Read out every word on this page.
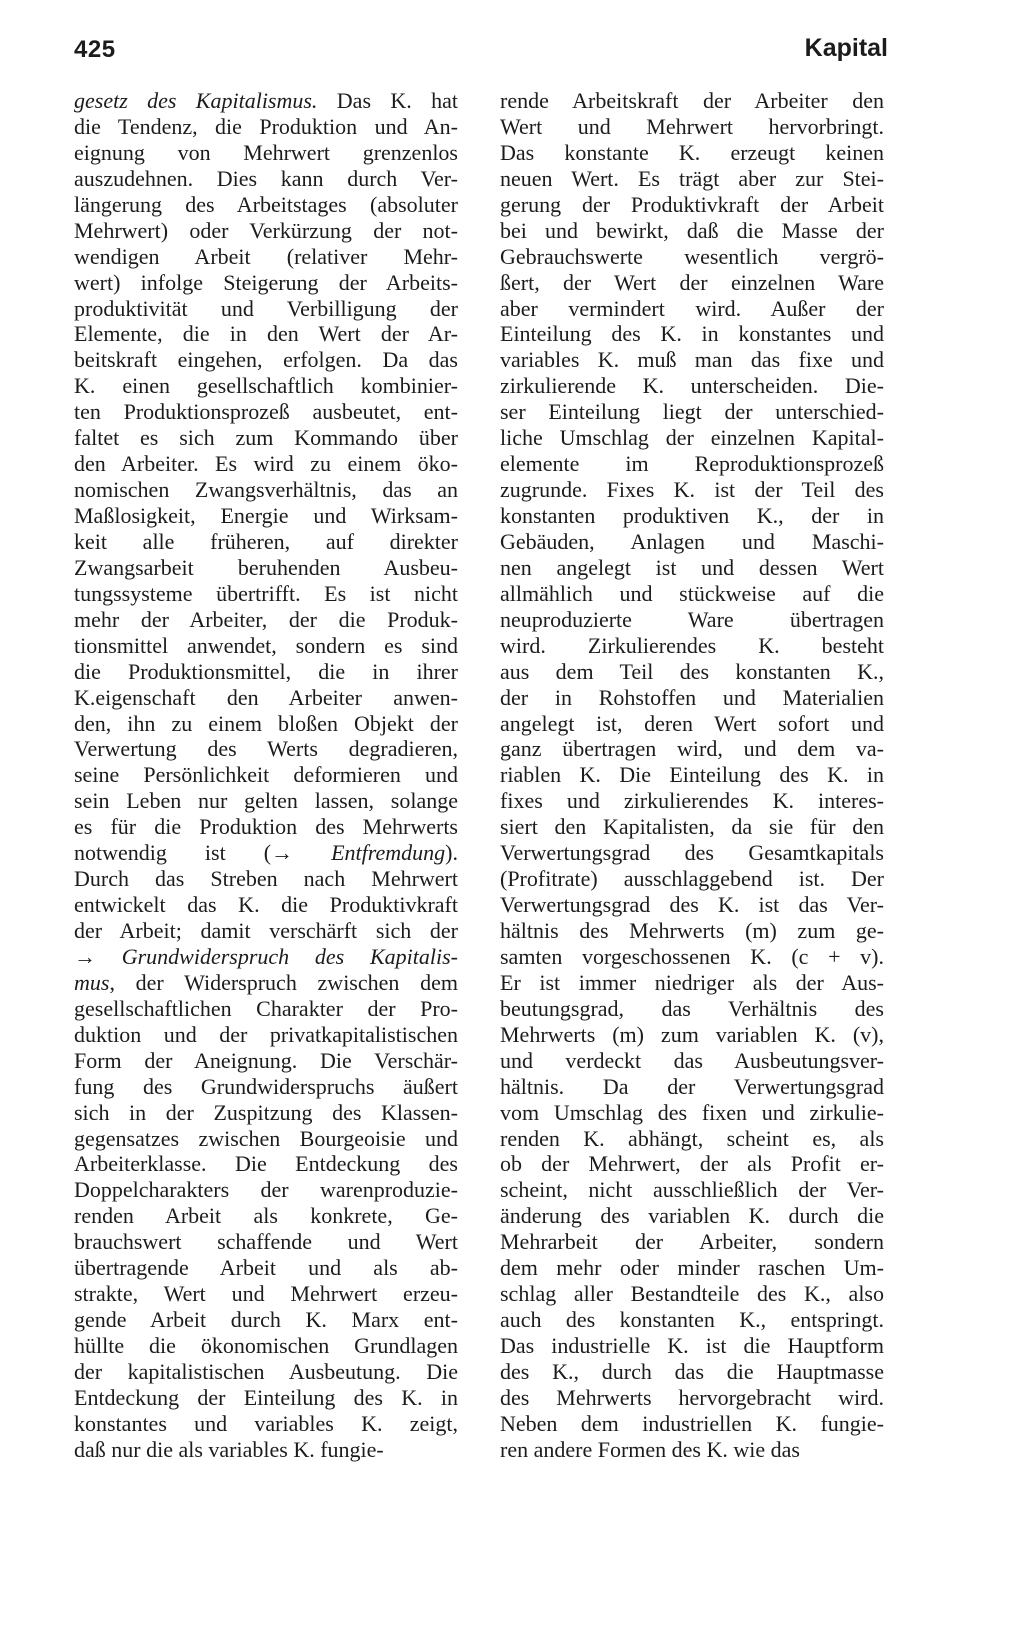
425	Kapital
gesetz des Kapitalismus. Das K. hat
die Tendenz, die Produktion und An-
eignung von Mehrwert grenzenlos
auszudehnen. Dies kann durch Ver-
längerung des Arbeitstages (absoluter
Mehrwert) oder Verkürzung der not-
wendigen Arbeit (relativer Mehr-
wert) infolge Steigerung der Arbeits-
produktivität und Verbilligung der
Elemente, die in den Wert der Ar-
beitskraft eingehen, erfolgen. Da das
K. einen gesellschaftlich kombinier-
ten Produktionsprozeß ausbeutet, ent-
faltet es sich zum Kommando über
den Arbeiter. Es wird zu einem öko-
nomischen Zwangsverhältnis, das an
Maßlosigkeit, Energie und Wirksam-
keit alle früheren, auf direkter
Zwangsarbeit beruhenden Ausbeu-
tungssysteme übertrifft. Es ist nicht
mehr der Arbeiter, der die Produk-
tionsmittel anwendet, sondern es sind
die Produktionsmittel, die in ihrer
K.eigenschaft den Arbeiter anwen-
den, ihn zu einem bloßen Objekt der
Verwertung des Werts degradieren,
seine Persönlichkeit deformieren und
sein Leben nur gelten lassen, solange
es für die Produktion des Mehrwerts
notwendig ist (→ Entfremdung).
Durch das Streben nach Mehrwert
entwickelt das K. die Produktivkraft
der Arbeit; damit verschärft sich der
→ Grundwiderspruch des Kapitalis-
mus, der Widerspruch zwischen dem
gesellschaftlichen Charakter der Pro-
duktion und der privatkapitalistischen
Form der Aneignung. Die Verschär-
fung des Grundwiderspruchs äußert
sich in der Zuspitzung des Klassen-
gegensatzes zwischen Bourgeoisie und
Arbeiterklasse. Die Entdeckung des
Doppelcharakters der warenproduzie-
renden Arbeit als konkrete, Ge-
brauchswert schaffende und Wert
übertragende Arbeit und als ab-
strakte, Wert und Mehrwert erzeu-
gende Arbeit durch K. Marx ent-
hüllte die ökonomischen Grundlagen
der kapitalistischen Ausbeutung. Die
Entdeckung der Einteilung des K. in
konstantes und variables K. zeigt,
daß nur die als variables K. fungie-
rende Arbeitskraft der Arbeiter den
Wert und Mehrwert hervorbringt.
Das konstante K. erzeugt keinen
neuen Wert. Es trägt aber zur Stei-
gerung der Produktivkraft der Arbeit
bei und bewirkt, daß die Masse der
Gebrauchswerte wesentlich vergrö-
ßert, der Wert der einzelnen Ware
aber vermindert wird. Außer der
Einteilung des K. in konstantes und
variables K. muß man das fixe und
zirkulierende K. unterscheiden. Die-
ser Einteilung liegt der unterschied-
liche Umschlag der einzelnen Kapital-
elemente im Reproduktionsprozeß
zugrunde. Fixes K. ist der Teil des
konstanten produktiven K., der in
Gebäuden, Anlagen und Maschi-
nen angelegt ist und dessen Wert
allmählich und stückweise auf die
neuproduzierte Ware übertragen
wird. Zirkulierendes K. besteht
aus dem Teil des konstanten K.,
der in Rohstoffen und Materialien
angelegt ist, deren Wert sofort und
ganz übertragen wird, und dem va-
riablen K. Die Einteilung des K. in
fixes und zirkulierendes K. interes-
siert den Kapitalisten, da sie für den
Verwertungsgrad des Gesamtkapitals
(Profitrate) ausschlaggebend ist. Der
Verwertungsgrad des K. ist das Ver-
hältnis des Mehrwerts (m) zum ge-
samten vorgeschossenen K. (c + v).
Er ist immer niedriger als der Aus-
beutungsgrad, das Verhältnis des
Mehrwerts (m) zum variablen K. (v),
und verdeckt das Ausbeutungsver-
hältnis. Da der Verwertungsgrad
vom Umschlag des fixen und zirkulie-
renden K. abhängt, scheint es, als
ob der Mehrwert, der als Profit er-
scheint, nicht ausschließlich der Ver-
änderung des variablen K. durch die
Mehrarbeit der Arbeiter, sondern
dem mehr oder minder raschen Um-
schlag aller Bestandteile des K., also
auch des konstanten K., entspringt.
Das industrielle K. ist die Hauptform
des K., durch das die Hauptmasse
des Mehrwerts hervorgebracht wird.
Neben dem industriellen K. fungie-
ren andere Formen des K. wie das
